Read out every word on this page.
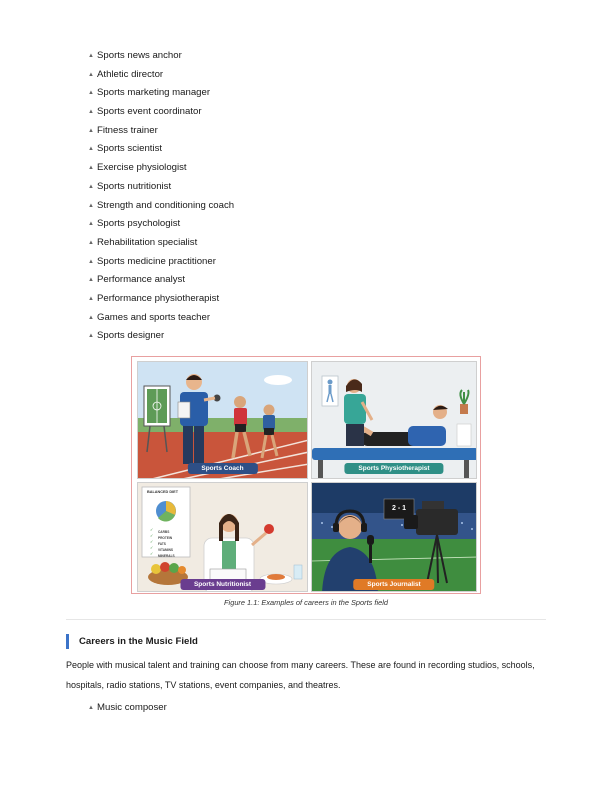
▲ Sports news anchor
▲ Athletic director
▲ Sports marketing manager
▲ Sports event coordinator
▲ Fitness trainer
▲ Sports scientist
▲ Exercise physiologist
▲ Sports nutritionist
▲ Strength and conditioning coach
▲ Sports psychologist
▲ Rehabilitation specialist
▲ Sports medicine practitioner
▲ Performance analyst
▲ Performance physiotherapist
▲ Games and sports teacher
▲ Sports designer
Sports Coach	Sports Physiotherapist
✓
✓
✓
✓
✓
BALANCED DIET
CARBS
PROTEIN
FATS
VITAMINS
MINERALS
Sports Nutritionist
2 - 1
Sports Journalist
Figure 1.1: Examples of careers in the Sports field
Careers in the Music Field

People with musical talent and training can choose from many careers. These are found in recording studios, schools, hospitals, radio stations, TV stations, event companies, and theatres.

▲ Music composer
